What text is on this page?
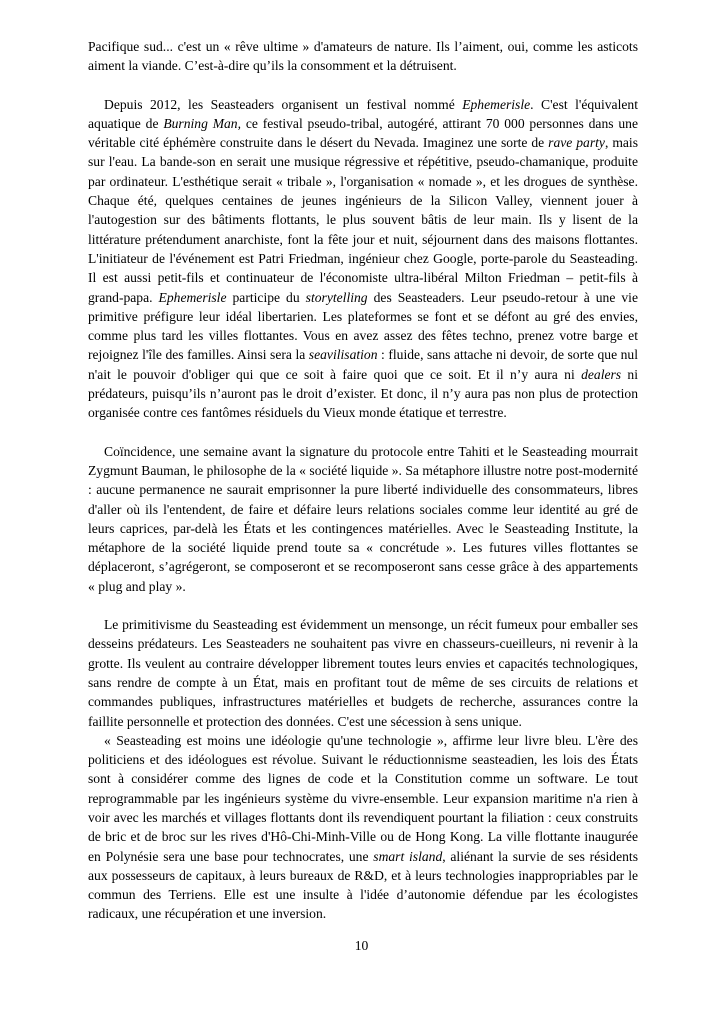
Pacifique sud... c'est un « rêve ultime » d'amateurs de nature. Ils l’aiment, oui, comme les asticots aiment la viande. C’est-à-dire qu’ils la consomment et la détruisent.

Depuis 2012, les Seasteaders organisent un festival nommé Ephemerisle. C'est l'équivalent aquatique de Burning Man, ce festival pseudo-tribal, autogéré, attirant 70 000 personnes dans une véritable cité éphémère construite dans le désert du Nevada. Imaginez une sorte de rave party, mais sur l'eau. La bande-son en serait une musique régressive et répétitive, pseudo-chamanique, produite par ordinateur. L'esthétique serait « tribale », l'organisation « nomade », et les drogues de synthèse. Chaque été, quelques centaines de jeunes ingénieurs de la Silicon Valley, viennent jouer à l'autogestion sur des bâtiments flottants, le plus souvent bâtis de leur main. Ils y lisent de la littérature prétendument anarchiste, font la fête jour et nuit, séjournent dans des maisons flottantes. L'initiateur de l'événement est Patri Friedman, ingénieur chez Google, porte-parole du Seasteading. Il est aussi petit-fils et continuateur de l'économiste ultra-libéral Milton Friedman – petit-fils à grand-papa. Ephemerisle participe du storytelling des Seasteaders. Leur pseudo-retour à une vie primitive préfigure leur idéal libertarien. Les plateformes se font et se défont au gré des envies, comme plus tard les villes flottantes. Vous en avez assez des fêtes techno, prenez votre barge et rejoignez l'île des familles. Ainsi sera la seavilisation : fluide, sans attache ni devoir, de sorte que nul n'ait le pouvoir d'obliger qui que ce soit à faire quoi que ce soit. Et il n’y aura ni dealers ni prédateurs, puisqu’ils n’auront pas le droit d’exister. Et donc, il n’y aura pas non plus de protection organisée contre ces fantômes résiduels du Vieux monde étatique et terrestre.

Coïncidence, une semaine avant la signature du protocole entre Tahiti et le Seasteading mourrait Zygmunt Bauman, le philosophe de la « société liquide ». Sa métaphore illustre notre post-modernité : aucune permanence ne saurait emprisonner la pure liberté individuelle des consommateurs, libres d'aller où ils l'entendent, de faire et défaire leurs relations sociales comme leur identité au gré de leurs caprices, par-delà les États et les contingences matérielles. Avec le Seasteading Institute, la métaphore de la société liquide prend toute sa « concrétude ». Les futures villes flottantes se déplaceront, s’agrégeront, se composeront et se recomposeront sans cesse grâce à des appartements « plug and play ».

Le primitivisme du Seasteading est évidemment un mensonge, un récit fumeux pour emballer ses desseins prédateurs. Les Seasteaders ne souhaitent pas vivre en chasseurs-cueilleurs, ni revenir à la grotte. Ils veulent au contraire développer librement toutes leurs envies et capacités technologiques, sans rendre de compte à un État, mais en profitant tout de même de ses circuits de relations et commandes publiques, infrastructures matérielles et budgets de recherche, assurances contre la faillite personnelle et protection des données. C'est une sécession à sens unique.

« Seasteading est moins une idéologie qu'une technologie », affirme leur livre bleu. L'ère des politiciens et des idéologues est révolue. Suivant le réductionnisme seasteadien, les lois des États sont à considérer comme des lignes de code et la Constitution comme un software. Le tout reprogrammable par les ingénieurs système du vivre-ensemble. Leur expansion maritime n'a rien à voir avec les marchés et villages flottants dont ils revendiquent pourtant la filiation : ceux construits de bric et de broc sur les rives d'Hô-Chi-Minh-Ville ou de Hong Kong. La ville flottante inaugurée en Polynésie sera une base pour technocrates, une smart island, aliénant la survie de ses résidents aux possesseurs de capitaux, à leurs bureaux de R&D, et à leurs technologies inappropriables par le commun des Terriens. Elle est une insulte à l'idée d’autonomie défendue par les écologistes radicaux, une récupération et une inversion.

10
